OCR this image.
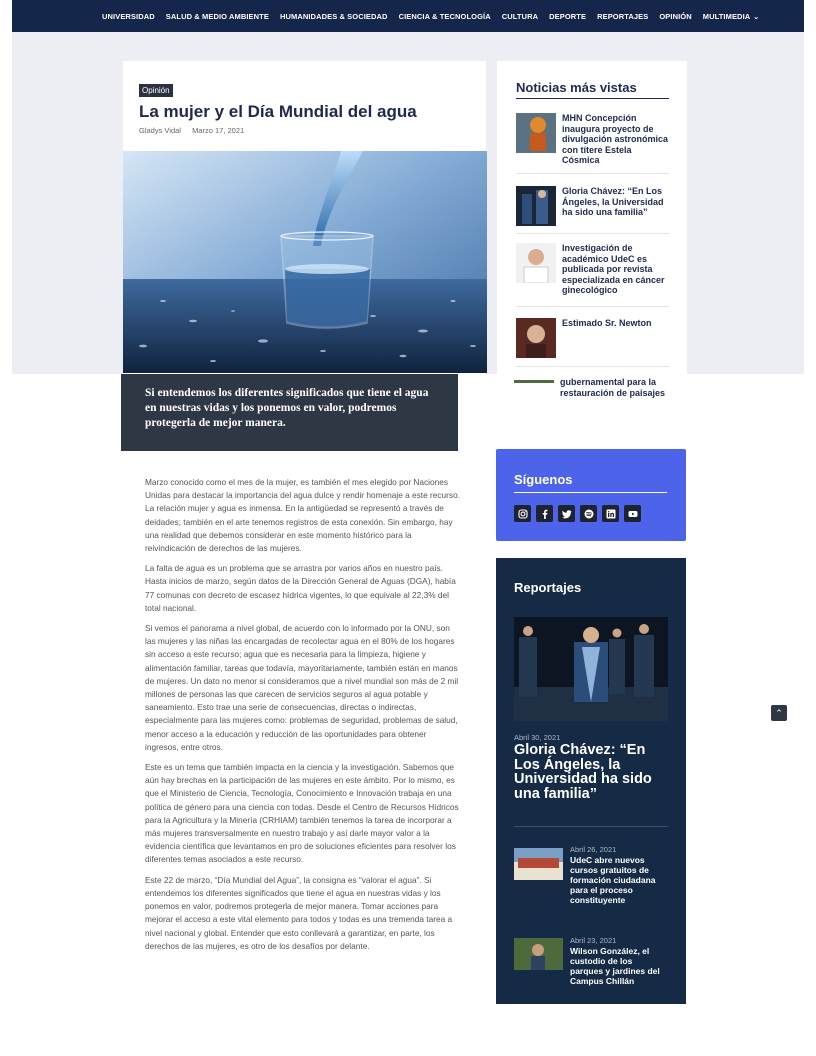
UNIVERSIDAD SALUD & MEDIO AMBIENTE HUMANIDADES & SOCIEDAD CIENCIA & TECNOLOGÍA CULTURA DEPORTE REPORTAJES OPINIÓN MULTIMEDIA ⌄
Opinión
La mujer y el Día Mundial del agua
Gladys Vidal Marzo 17, 2021
Si entendemos los diferentes significados que tiene el agua en nuestras vidas y los ponemos en valor, podremos protegerla de mejor manera.

Marzo conocido como el mes de la mujer, es también el mes elegido por Naciones Unidas para destacar la importancia del agua dulce y rendir homenaje a este recurso. La relación mujer y agua es inmensa. En la antigüedad se representó a través de deidades; también en el arte tenemos registros de esta conexión. Sin embargo, hay una realidad que debemos considerar en este momento histórico para la reivindicación de derechos de las mujeres.

La falta de agua es un problema que se arrastra por varios años en nuestro país. Hasta inicios de marzo, según datos de la Dirección General de Aguas (DGA), había 77 comunas con decreto de escasez hídrica vigentes, lo que equivale al 22,3% del total nacional.

Si vemos el panorama a nivel global, de acuerdo con lo informado por la ONU, son las mujeres y las niñas las encargadas de recolectar agua en el 80% de los hogares sin acceso a este recurso; agua que es necesaria para la limpieza, higiene y alimentación familiar, tareas que todavía, mayoritariamente, también están en manos de mujeres. Un dato no menor si consideramos que a nivel mundial son más de 2 mil millones de personas las que carecen de servicios seguros al agua potable y saneamiento. Esto trae una serie de consecuencias, directas o indirectas, especialmente para las mujeres como: problemas de seguridad, problemas de salud, menor acceso a la educación y reducción de las oportunidades para obtener ingresos, entre otros.

Este es un tema que también impacta en la ciencia y la investigación. Sabemos que aún hay brechas en la participación de las mujeres en este ámbito. Por lo mismo, es que el Ministerio de Ciencia, Tecnología, Conocimiento e Innovación trabaja en una política de género para una ciencia con todas. Desde el Centro de Recursos Hídricos para la Agricultura y la Minería (CRHIAM) también tenemos la tarea de incorporar a más mujeres transversalmente en nuestro trabajo y así darle mayor valor a la evidencia científica que levantamos en pro de soluciones eficientes para resolver los diferentes temas asociados a este recurso.

Este 22 de marzo, “Día Mundial del Agua”, la consigna es “valorar el agua”. Si entendemos los diferentes significados que tiene el agua en nuestras vidas y los ponemos en valor, podremos protegerla de mejor manera. Tomar acciones para mejorar el acceso a este vital elemento para todos y todas es una tremenda tarea a nivel nacional y global. Entender que esto conllevará a garantizar, en parte, los derechos de las mujeres, es otro de los desafíos por delante.

Noticias más vistas
MHN Concepción inaugura proyecto de divulgación astronómica con títere Estela Cósmica
Gloria Chávez: “En Los Ángeles, la Universidad ha sido una familia”
Investigación de académico UdeC es publicada por revista especializada en cáncer ginecológico
Estimado Sr. Newton
gubernamental para la restauración de paisajes
Síguenos
Reportajes
Abril 30, 2021
Gloria Chávez: “En Los Ángeles, la Universidad ha sido una familia”
Abril 26, 2021
UdeC abre nuevos cursos gratuitos de formación ciudadana para el proceso constituyente
Abril 23, 2021
Wilson González, el custodio de los parques y jardines del Campus Chillán
⌃
